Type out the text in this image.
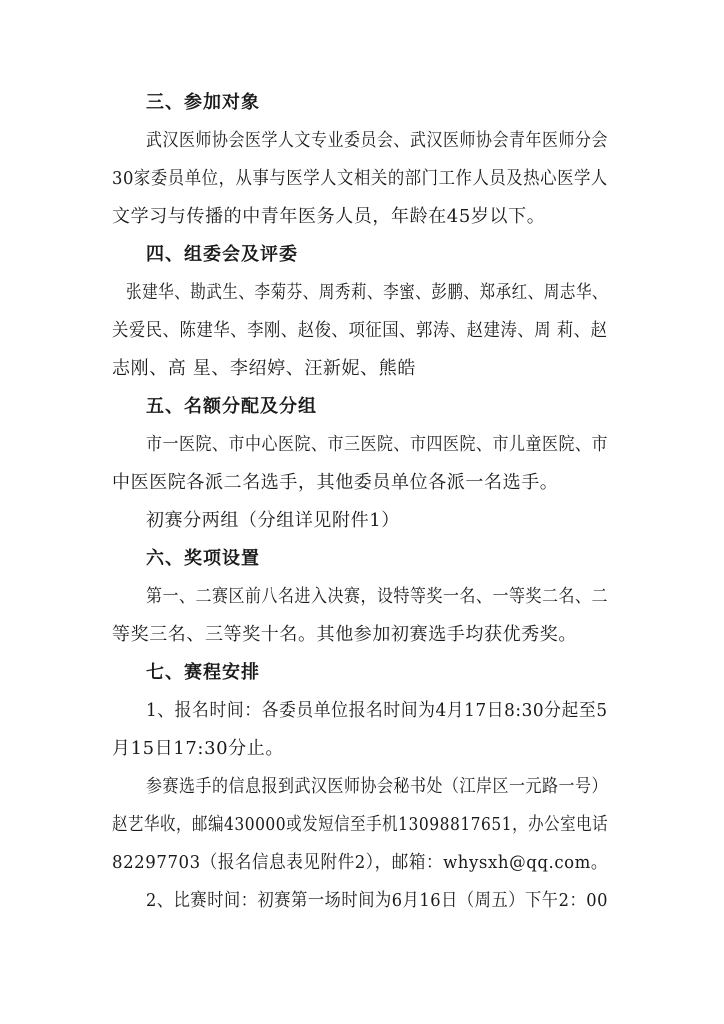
三、参加对象
武汉医师协会医学人文专业委员会、武汉医师协会青年医师分会
30家委员单位，从事与医学人文相关的部门工作人员及热心医学人
文学习与传播的中青年医务人员，年龄在45岁以下。
四、组委会及评委
张建华、勘武生、李菊芬、周秀莉、李蜜、彭鹏、郑承红、周志华、
关爱民、陈建华、李刚、赵俊、项征国、郭涛、赵建涛、周 莉、赵
志刚、高 星、李绍婷、汪新妮、熊皓
五、名额分配及分组
市一医院、市中心医院、市三医院、市四医院、市儿童医院、市
中医医院各派二名选手，其他委员单位各派一名选手。
初赛分两组（分组详见附件1）
六、奖项设置
第一、二赛区前八名进入决赛，设特等奖一名、一等奖二名、二
等奖三名、三等奖十名。其他参加初赛选手均获优秀奖。
七、赛程安排
1、报名时间：各委员单位报名时间为4月17日8:30分起至5
月15日17:30分止。
参赛选手的信息报到武汉医师协会秘书处（江岸区一元路一号）
赵艺华收，邮编430000或发短信至手机13098817651，办公室电话
82297703（报名信息表见附件2），邮箱：whysxh@qq.com。
2、比赛时间：初赛第一场时间为6月16日（周五）下午2：00
